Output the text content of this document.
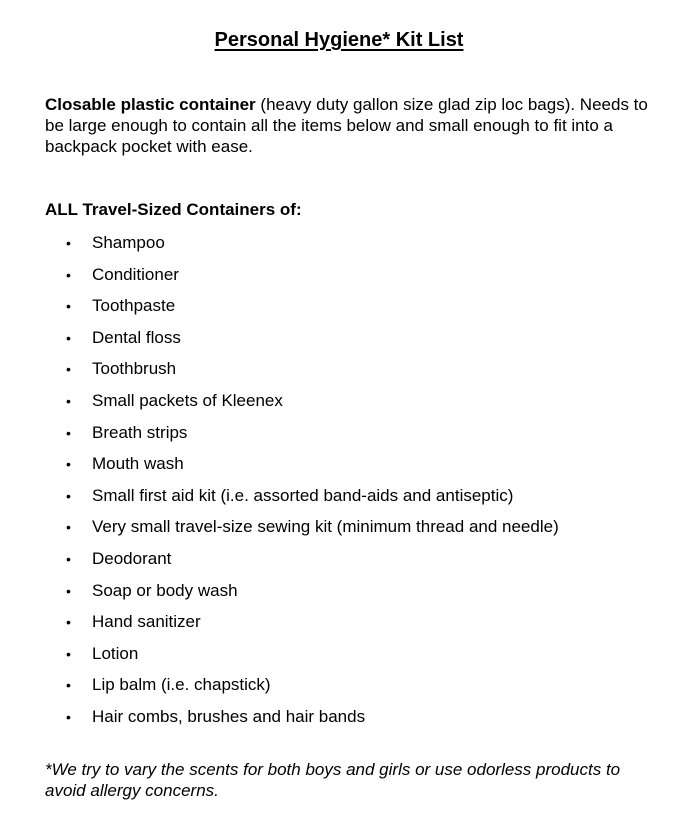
Personal Hygiene* Kit List

Closable plastic container (heavy duty gallon size glad zip loc bags). Needs to be large enough to contain all the items below and small enough to fit into a backpack pocket with ease.

ALL Travel-Sized Containers of:
• Shampoo
• Conditioner
• Toothpaste
• Dental floss
• Toothbrush
• Small packets of Kleenex
• Breath strips
• Mouth wash
• Small first aid kit (i.e. assorted band-aids and antiseptic)
• Very small travel-size sewing kit (minimum thread and needle)
• Deodorant
• Soap or body wash
• Hand sanitizer
• Lotion
• Lip balm (i.e. chapstick)
• Hair combs, brushes and hair bands

*We try to vary the scents for both boys and girls or use odorless products to avoid allergy concerns.
